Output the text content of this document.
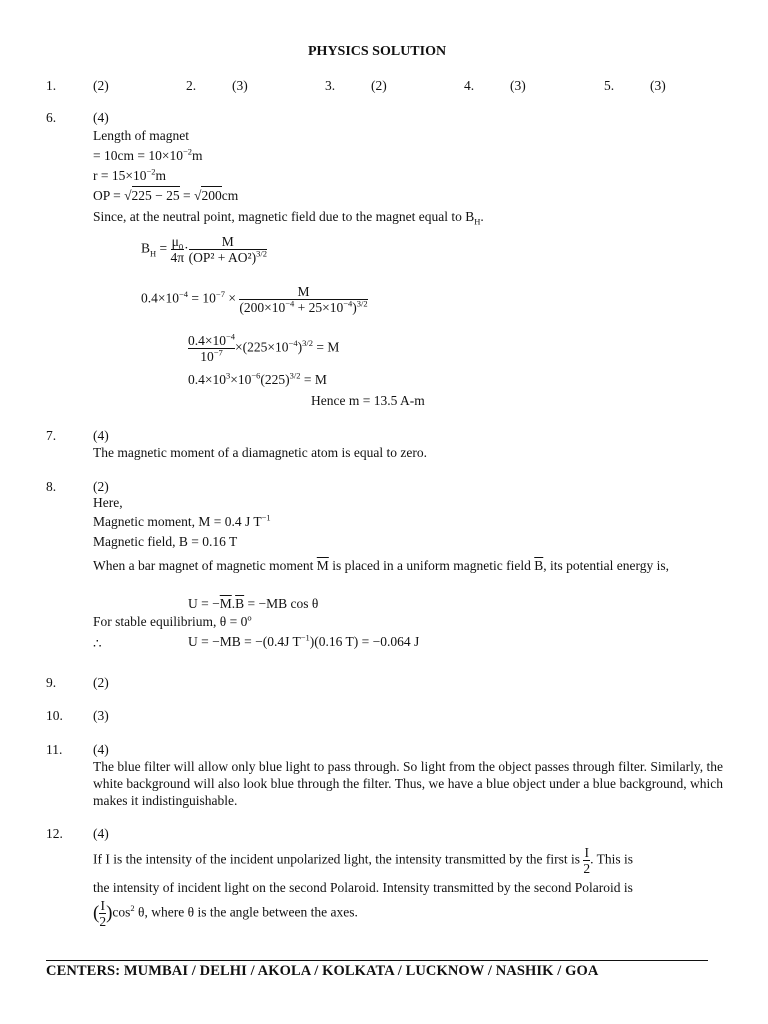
PHYSICS SOLUTION
1.	(2)	2.	(3)	3.	(2)	4.	(3)	5.	(3)
6.	(4)
Length of magnet
= $10cm = 10\times 10^{-2}m$
$r = 15\times 10^{-2}m$
OP = √225 − 25 = √200cm
Since, at the neutral point, magnetic field due to the magnet equal to $B_H$.
$B_H = \frac{\mu_0}{4\pi} \cdot \frac{M}{(OP^2 + AO^2)^{3/2}}$
$0.4\times 10^{-4} = 10^{-7} \times \frac{M}{(200\times 10^{-4} + 25\times 10^{-4})^{3/2}}$
$\frac{0.4\times 10^{-4}}{10^{-7}} \times(225\times 10^{-4})^{3/2} = M$
$0.4\times 10^3\times 10^{-6}(225)^{3/2} = M$
Hence m = 13.5 A-m
7.	(4)
The magnetic moment of a diamagnetic atom is equal to zero.
8.	(2)
Here,
Magnetic moment, M = 0.4 J $T^{-1}$
Magnetic field, B = 0.16 T
When a bar magnet of magnetic moment $\overline{M}$ is placed in a uniform magnetic field $\overline{B}$, its potential energy is,
$U = -\overline{M}.\overline{B} = -MB$ cos θ
For stable equilibrium, $\theta = 0^o$
∴	U = −MB = −(0.4J $T^{-1})(0.16$ T) = −0.064 J
9.	(2)
10. (3)
11. (4)
The blue filter will allow only blue light to pass through. So light from the object passes through filter. Similarly, the white background will also look blue through the filter. Thus, we have a blue object under a blue background, which makes it indistinguishable.
12. (4)
If I is the intensity of the incident unpolarized light, the intensity transmitted by the first is $\frac{I}{2}$ . This is
the intensity of incident light on the second Polaroid. Intensity transmitted by the second Polaroid is
( $\frac{I}{2} )\cos^2$ θ, where θ is the angle between the axes.
CENTERS: MUMBAI / DELHI / AKOLA / KOLKATA / LUCKNOW / NASHIK / GOA
